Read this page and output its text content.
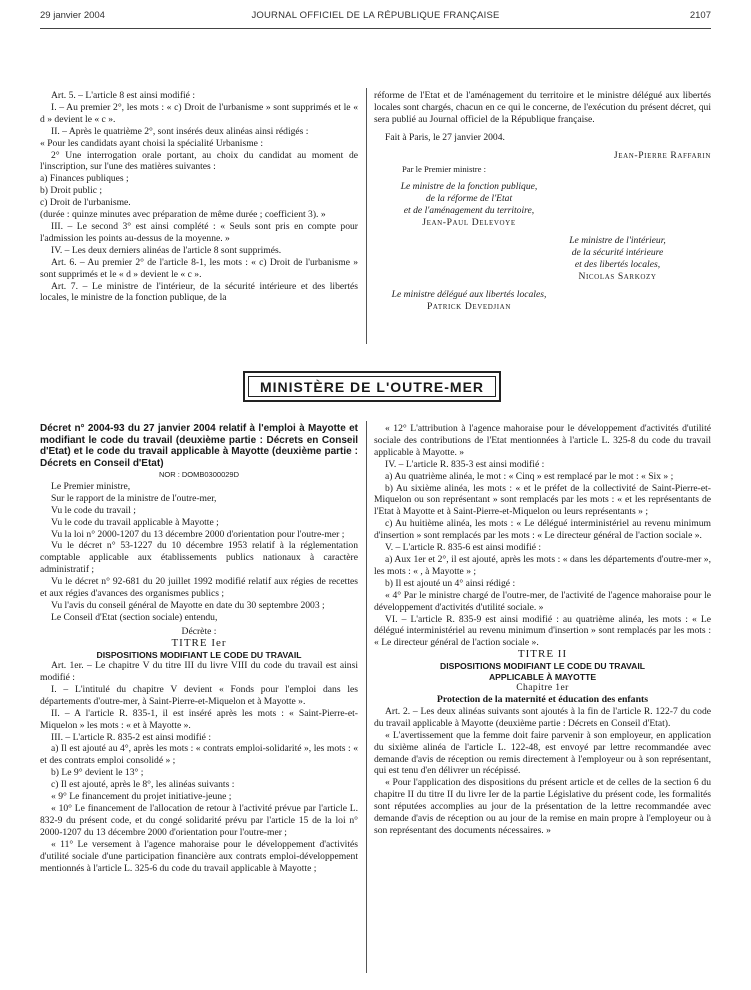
29 janvier 2004	JOURNAL OFFICIEL DE LA RÉPUBLIQUE FRANÇAISE	2107

Art. 5. – L'article 8 est ainsi modifié :

I. – Au premier 2°, les mots : « c) Droit de l'urbanisme » sont supprimés et le « d » devient le « c ».

II. – Après le quatrième 2°, sont insérés deux alinéas ainsi rédigés :

« Pour les candidats ayant choisi la spécialité Urbanisme :

2° Une interrogation orale portant, au choix du candidat au moment de l'inscription, sur l'une des matières suivantes :

a) Finances publiques ;

b) Droit public ;

c) Droit de l'urbanisme.

(durée : quinze minutes avec préparation de même durée ; coefficient 3). »

III. – Le second 3° est ainsi complété : « Seuls sont pris en compte pour l'admission les points au-dessus de la moyenne. »

IV. – Les deux derniers alinéas de l'article 8 sont supprimés.

Art. 6. – Au premier 2° de l'article 8-1, les mots : « c) Droit de l'urbanisme » sont supprimés et le « d » devient le « c ».

Art. 7. – Le ministre de l'intérieur, de la sécurité intérieure et des libertés locales, le ministre de la fonction publique, de la

réforme de l'Etat et de l'aménagement du territoire et le ministre délégué aux libertés locales sont chargés, chacun en ce qui le concerne, de l'exécution du présent décret, qui sera publié au Journal officiel de la République française.

Fait à Paris, le 27 janvier 2004.

Jean-Pierre Raffarin

Par le Premier ministre :

Le ministre de la fonction publique,

de la réforme de l'Etat

et de l'aménagement du territoire,

Jean-Paul Delevoye

Le ministre de l'intérieur,

de la sécurité intérieure

et des libertés locales,

Nicolas Sarkozy

Le ministre délégué aux libertés locales,

Patrick Devedjian

MINISTÈRE DE L'OUTRE-MER

Décret n° 2004-93 du 27 janvier 2004 relatif à l'emploi à Mayotte et modifiant le code du travail (deuxième partie : Décrets en Conseil d'Etat) et le code du travail applicable à Mayotte (deuxième partie : Décrets en Conseil d'Etat)

NOR : DOMB0300029D

Le Premier ministre,

Sur le rapport de la ministre de l'outre-mer,

Vu le code du travail ;

Vu le code du travail applicable à Mayotte ;

Vu la loi n° 2000-1207 du 13 décembre 2000 d'orientation pour l'outre-mer ;

Vu le décret n° 53-1227 du 10 décembre 1953 relatif à la réglementation comptable applicable aux établissements publics nationaux à caractère administratif ;

Vu le décret n° 92-681 du 20 juillet 1992 modifié relatif aux régies de recettes et aux régies d'avances des organismes publics ;

Vu l'avis du conseil général de Mayotte en date du 30 septembre 2003 ;

Le Conseil d'Etat (section sociale) entendu,

Décrète :

TITRE Ier

DISPOSITIONS MODIFIANT LE CODE DU TRAVAIL

Art. 1er. – Le chapitre V du titre III du livre VIII du code du travail est ainsi modifié :

I. – L'intitulé du chapitre V devient « Fonds pour l'emploi dans les départements d'outre-mer, à Saint-Pierre-et-Miquelon et à Mayotte ».

II. – A l'article R. 835-1, il est inséré après les mots : « Saint-Pierre-et-Miquelon » les mots : « et à Mayotte ».

III. – L'article R. 835-2 est ainsi modifié :

a) Il est ajouté au 4°, après les mots : « contrats emploi-solidarité », les mots : « et des contrats emploi consolidé » ;

b) Le 9° devient le 13° ;

c) Il est ajouté, après le 8°, les alinéas suivants :

« 9° Le financement du projet initiative-jeune ;

« 10° Le financement de l'allocation de retour à l'activité prévue par l'article L. 832-9 du présent code, et du congé solidarité prévu par l'article 15 de la loi n° 2000-1207 du 13 décembre 2000 d'orientation pour l'outre-mer ;

« 11° Le versement à l'agence mahoraise pour le développement d'activités d'utilité sociale d'une participation financière aux contrats emploi-développement mentionnés à l'article L. 325-6 du code du travail applicable à Mayotte ;

« 12° L'attribution à l'agence mahoraise pour le développement d'activités d'utilité sociale des contributions de l'Etat mentionnées à l'article L. 325-8 du code du travail applicable à Mayotte. »

IV. – L'article R. 835-3 est ainsi modifié :

a) Au quatrième alinéa, le mot : « Cinq » est remplacé par le mot : « Six » ;

b) Au sixième alinéa, les mots : « et le préfet de la collectivité de Saint-Pierre-et-Miquelon ou son représentant » sont remplacés par les mots : « et les représentants de l'Etat à Mayotte et à Saint-Pierre-et-Miquelon ou leurs représentants » ;

c) Au huitième alinéa, les mots : « Le délégué interministériel au revenu minimum d'insertion » sont remplacés par les mots : « Le directeur général de l'action sociale ».

V. – L'article R. 835-6 est ainsi modifié :

a) Aux 1er et 2°, il est ajouté, après les mots : « dans les départements d'outre-mer », les mots : « , à Mayotte » ;

b) Il est ajouté un 4° ainsi rédigé :

« 4° Par le ministre chargé de l'outre-mer, de l'activité de l'agence mahoraise pour le développement d'activités d'utilité sociale. »

VI. – L'article R. 835-9 est ainsi modifié : au quatrième alinéa, les mots : « Le délégué interministériel au revenu minimum d'insertion » sont remplacés par les mots : « Le directeur général de l'action sociale ».

TITRE II

DISPOSITIONS MODIFIANT LE CODE DU TRAVAIL APPLICABLE À MAYOTTE

Chapitre 1er

Protection de la maternité et éducation des enfants

Art. 2. – Les deux alinéas suivants sont ajoutés à la fin de l'article R. 122-7 du code du travail applicable à Mayotte (deuxième partie : Décrets en Conseil d'Etat).

« L'avertissement que la femme doit faire parvenir à son employeur, en application du sixième alinéa de l'article L. 122-48, est envoyé par lettre recommandée avec demande d'avis de réception ou remis directement à l'employeur ou à son représentant, qui est tenu d'en délivrer un récépissé.

« Pour l'application des dispositions du présent article et de celles de la section 6 du chapitre II du titre II du livre Ier de la partie Législative du présent code, les formalités sont réputées accomplies au jour de la présentation de la lettre recommandée avec demande d'avis de réception ou au jour de la remise en main propre à l'employeur ou à son représentant des documents nécessaires. »
